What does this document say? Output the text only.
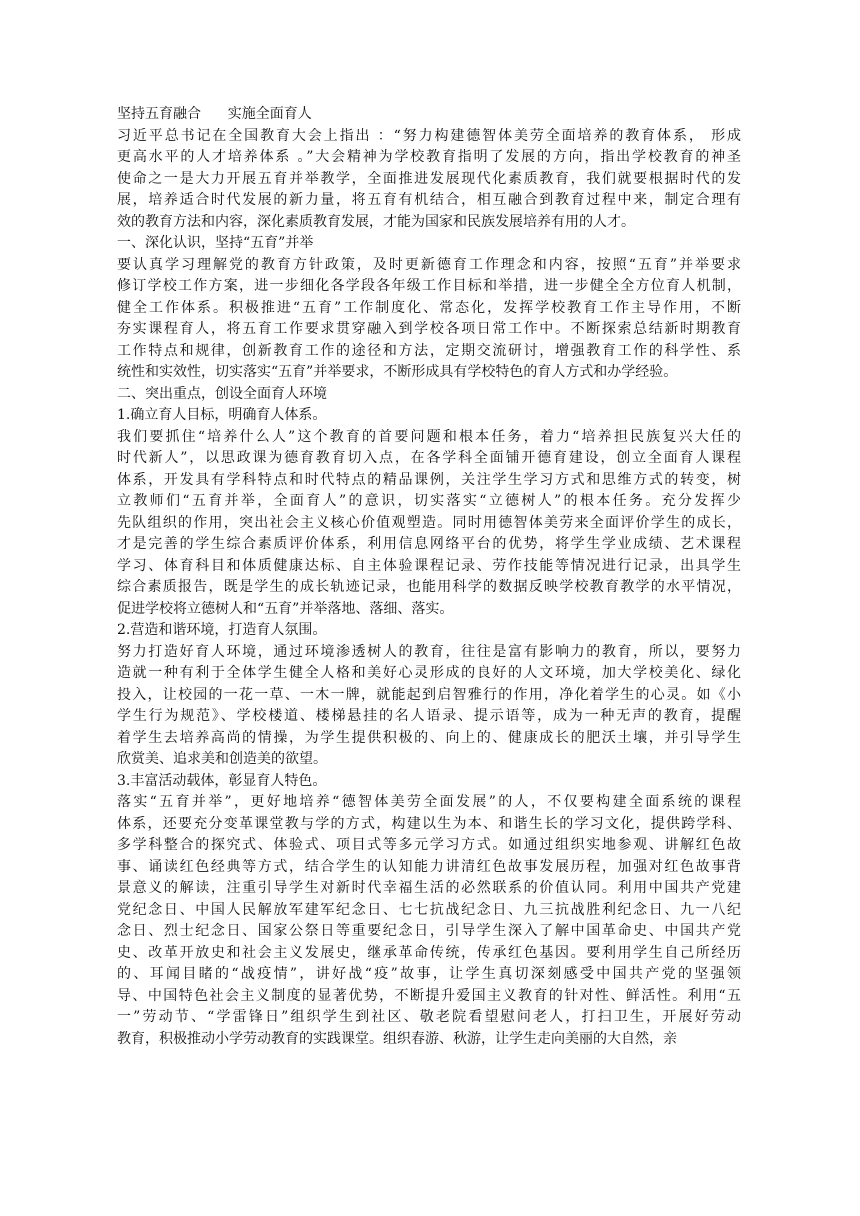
坚持五育融合      实施全面育人
习近平总书记在全国教育大会上指出 ：“努力构建德智体美劳全面培养的教育体系， 形成
更高水平的人才培养体系 。”大会精神为学校教育指明了发展的方向，指出学校教育的神圣
使命之一是大力开展五育并举教学，全面推进发展现代化素质教育，我们就要根据时代的发
展，培养适合时代发展的新力量，将五育有机结合，相互融合到教育过程中来，制定合理有
效的教育方法和内容，深化素质教育发展，才能为国家和民族发展培养有用的人才。
一、深化认识，坚持“五育”并举
要认真学习理解党的教育方针政策，及时更新德育工作理念和内容，按照“五育”并举要求
修订学校工作方案，进一步细化各学段各年级工作目标和举措，进一步健全全方位育人机制，
健全工作体系。积极推进“五育”工作制度化、常态化，发挥学校教育工作主导作用，不断
夯实课程育人，将五育工作要求贯穿融入到学校各项日常工作中。不断探索总结新时期教育
工作特点和规律，创新教育工作的途径和方法，定期交流研讨，增强教育工作的科学性、系
统性和实效性，切实落实“五育”并举要求，不断形成具有学校特色的育人方式和办学经验。
二、突出重点，创设全面育人环境
1.确立育人目标，明确育人体系。
我们要抓住“培养什么人”这个教育的首要问题和根本任务，着力“培养担民族复兴大任的
时代新人”，以思政课为德育教育切入点，在各学科全面铺开德育建设，创立全面育人课程
体系，开发具有学科特点和时代特点的精品课例，关注学生学习方式和思维方式的转变，树
立教师们“五育并举，全面育人”的意识，切实落实“立德树人”的根本任务。充分发挥少
先队组织的作用，突出社会主义核心价值观塑造。同时用德智体美劳来全面评价学生的成长，
才是完善的学生综合素质评价体系，利用信息网络平台的优势，将学生学业成绩、艺术课程
学习、体育科目和体质健康达标、自主体验课程记录、劳作技能等情况进行记录，出具学生
综合素质报告，既是学生的成长轨迹记录，也能用科学的数据反映学校教育教学的水平情况，
促进学校将立德树人和“五育”并举落地、落细、落实。
2.营造和谐环境，打造育人氛围。
努力打造好育人环境，通过环境渗透树人的教育，往往是富有影响力的教育，所以，要努力
造就一种有利于全体学生健全人格和美好心灵形成的良好的人文环境，加大学校美化、绿化
投入，让校园的一花一草、一木一牌，就能起到启智雅行的作用，净化着学生的心灵。如《小
学生行为规范》、学校楼道、楼梯悬挂的名人语录、提示语等，成为一种无声的教育，提醒
着学生去培养高尚的情操，为学生提供积极的、向上的、健康成长的肥沃土壤，并引导学生
欣赏美、追求美和创造美的欲望。
3.丰富活动载体，彰显育人特色。
落实“五育并举”，更好地培养“德智体美劳全面发展”的人，不仅要构建全面系统的课程
体系，还要充分变革课堂教与学的方式，构建以生为本、和谐生长的学习文化，提供跨学科、
多学科整合的探究式、体验式、项目式等多元学习方式。如通过组织实地参观、讲解红色故
事、诵读红色经典等方式，结合学生的认知能力讲清红色故事发展历程，加强对红色故事背
景意义的解读，注重引导学生对新时代幸福生活的必然联系的价值认同。利用中国共产党建
党纪念日、中国人民解放军建军纪念日、七七抗战纪念日、九三抗战胜利纪念日、九一八纪
念日、烈士纪念日、国家公祭日等重要纪念日，引导学生深入了解中国革命史、中国共产党
史、改革开放史和社会主义发展史，继承革命传统，传承红色基因。要利用学生自己所经历
的、耳闻目睹的“战疫情”，讲好战“疫”故事，让学生真切深刻感受中国共产党的坚强领
导、中国特色社会主义制度的显著优势，不断提升爱国主义教育的针对性、鲜活性。利用“五
一”劳动节、“学雷锋日”组织学生到社区、敬老院看望慰问老人，打扫卫生，开展好劳动
教育，积极推动小学劳动教育的实践课堂。组织春游、秋游，让学生走向美丽的大自然，亲
